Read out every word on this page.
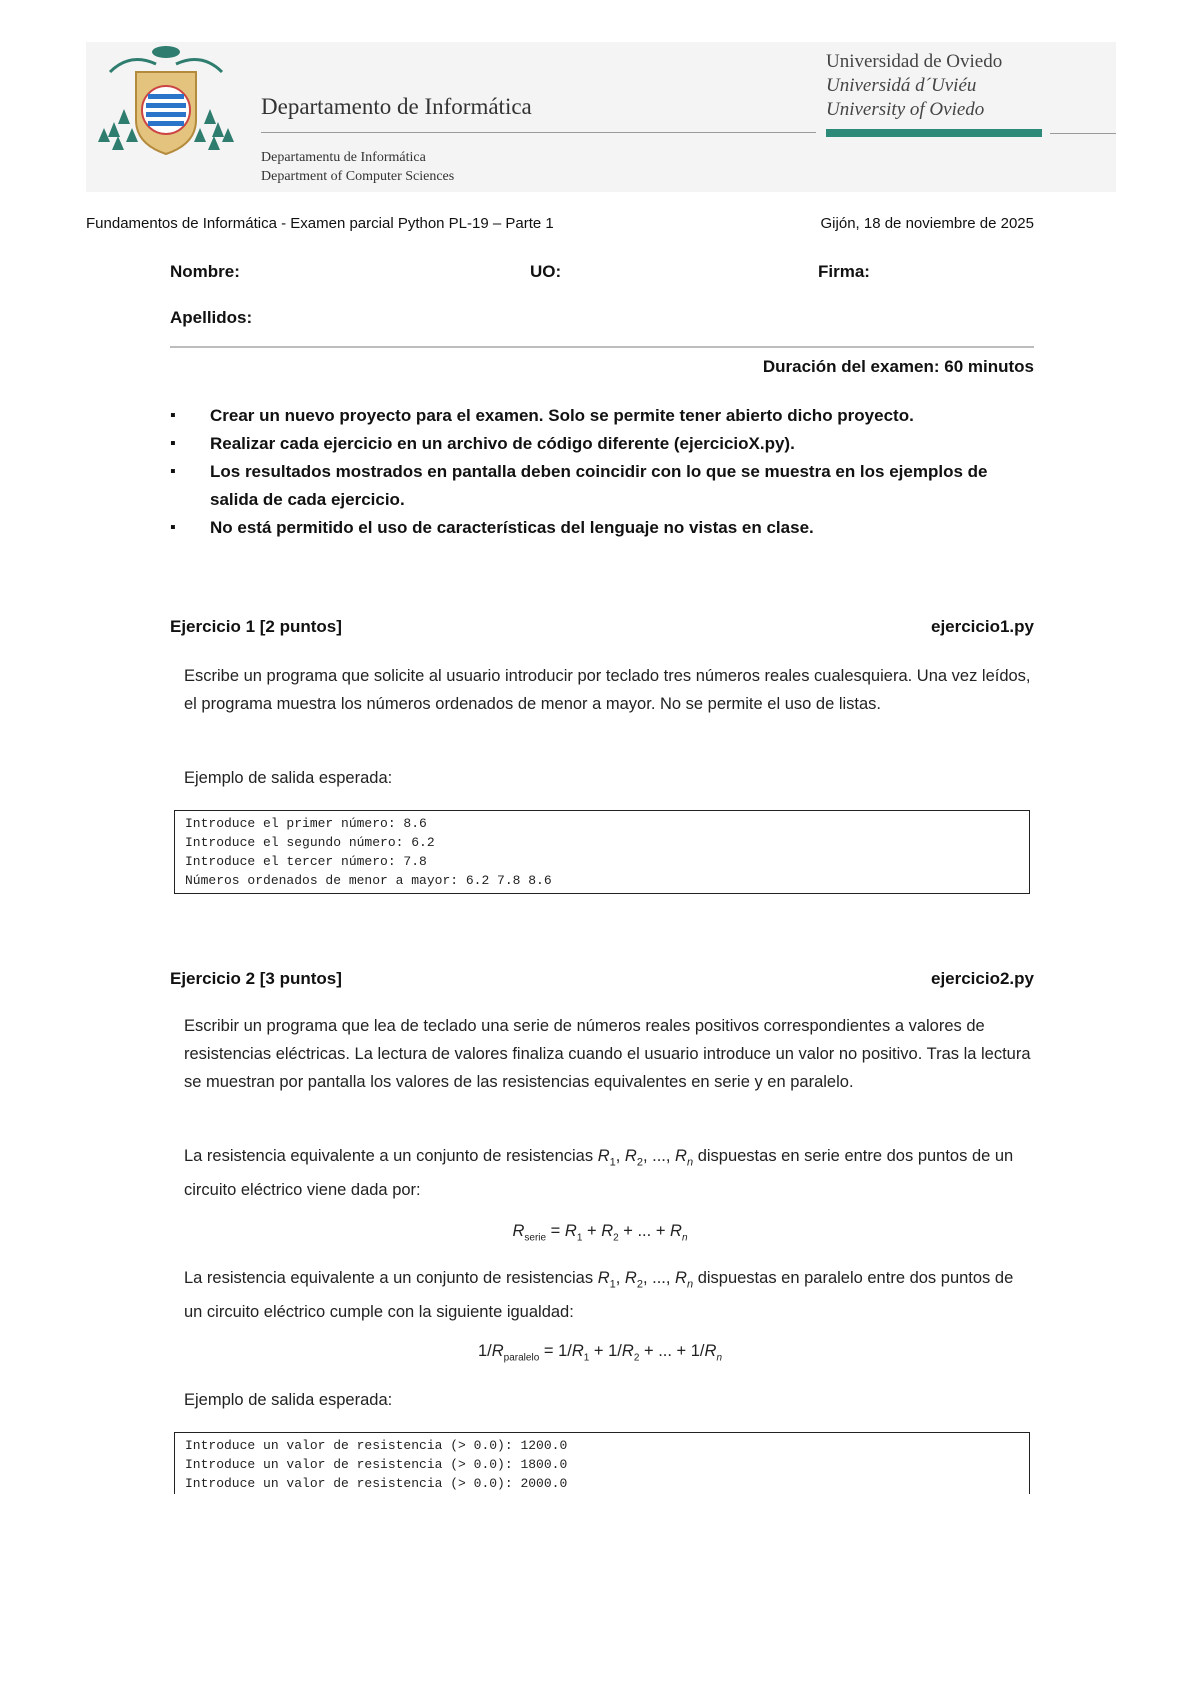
Departamento de Informática
Departamentu de Informática
Department of Computer Sciences
Universidad de Oviedo
Universidá d´Uviéu
University of Oviedo
Fundamentos de Informática - Examen parcial Python PL-19 – Parte 1	Gijón, 18 de noviembre de 2025
Nombre:	UO:	Firma:
Apellidos:
Duración del examen: 60 minutos
▪ Crear un nuevo proyecto para el examen. Solo se permite tener abierto dicho proyecto.
▪ Realizar cada ejercicio en un archivo de código diferente (ejercicioX.py).
▪ Los resultados mostrados en pantalla deben coincidir con lo que se muestra en los ejemplos de salida de cada ejercicio.
▪ No está permitido el uso de características del lenguaje no vistas en clase.
Ejercicio 1 [2 puntos]	ejercicio1.py

Escribe un programa que solicite al usuario introducir por teclado tres números reales cualesquiera. Una vez leídos, el programa muestra los números ordenados de menor a mayor. No se permite el uso de listas.

Ejemplo de salida esperada:

Introduce el primer número: 8.6
Introduce el segundo número: 6.2
Introduce el tercer número: 7.8
Números ordenados de menor a mayor: 6.2 7.8 8.6
Ejercicio 2 [3 puntos]	ejercicio2.py

Escribir un programa que lea de teclado una serie de números reales positivos correspondientes a valores de resistencias eléctricas. La lectura de valores finaliza cuando el usuario introduce un valor no positivo. Tras la lectura se muestran por pantalla los valores de las resistencias equivalentes en serie y en paralelo.

La resistencia equivalente a un conjunto de resistencias $R_1$, $R_2$, ..., $R_n$ dispuestas en serie entre dos puntos de un circuito eléctrico viene dada por:

$R_{serie} = R_1 + R_2$ + ... + $R_n$

La resistencia equivalente a un conjunto de resistencias $R_1$, $R_2$, ..., $R_n$ dispuestas en paralelo entre dos puntos de un circuito eléctrico cumple con la siguiente igualdad:

$1/R_{paralelo} = 1/R_1 + 1/R_2$ + ... + $1/R_n$

Ejemplo de salida esperada:

Introduce un valor de resistencia (> 0.0): 1200.0
Introduce un valor de resistencia (> 0.0): 1800.0
Introduce un valor de resistencia (> 0.0): 2000.0
